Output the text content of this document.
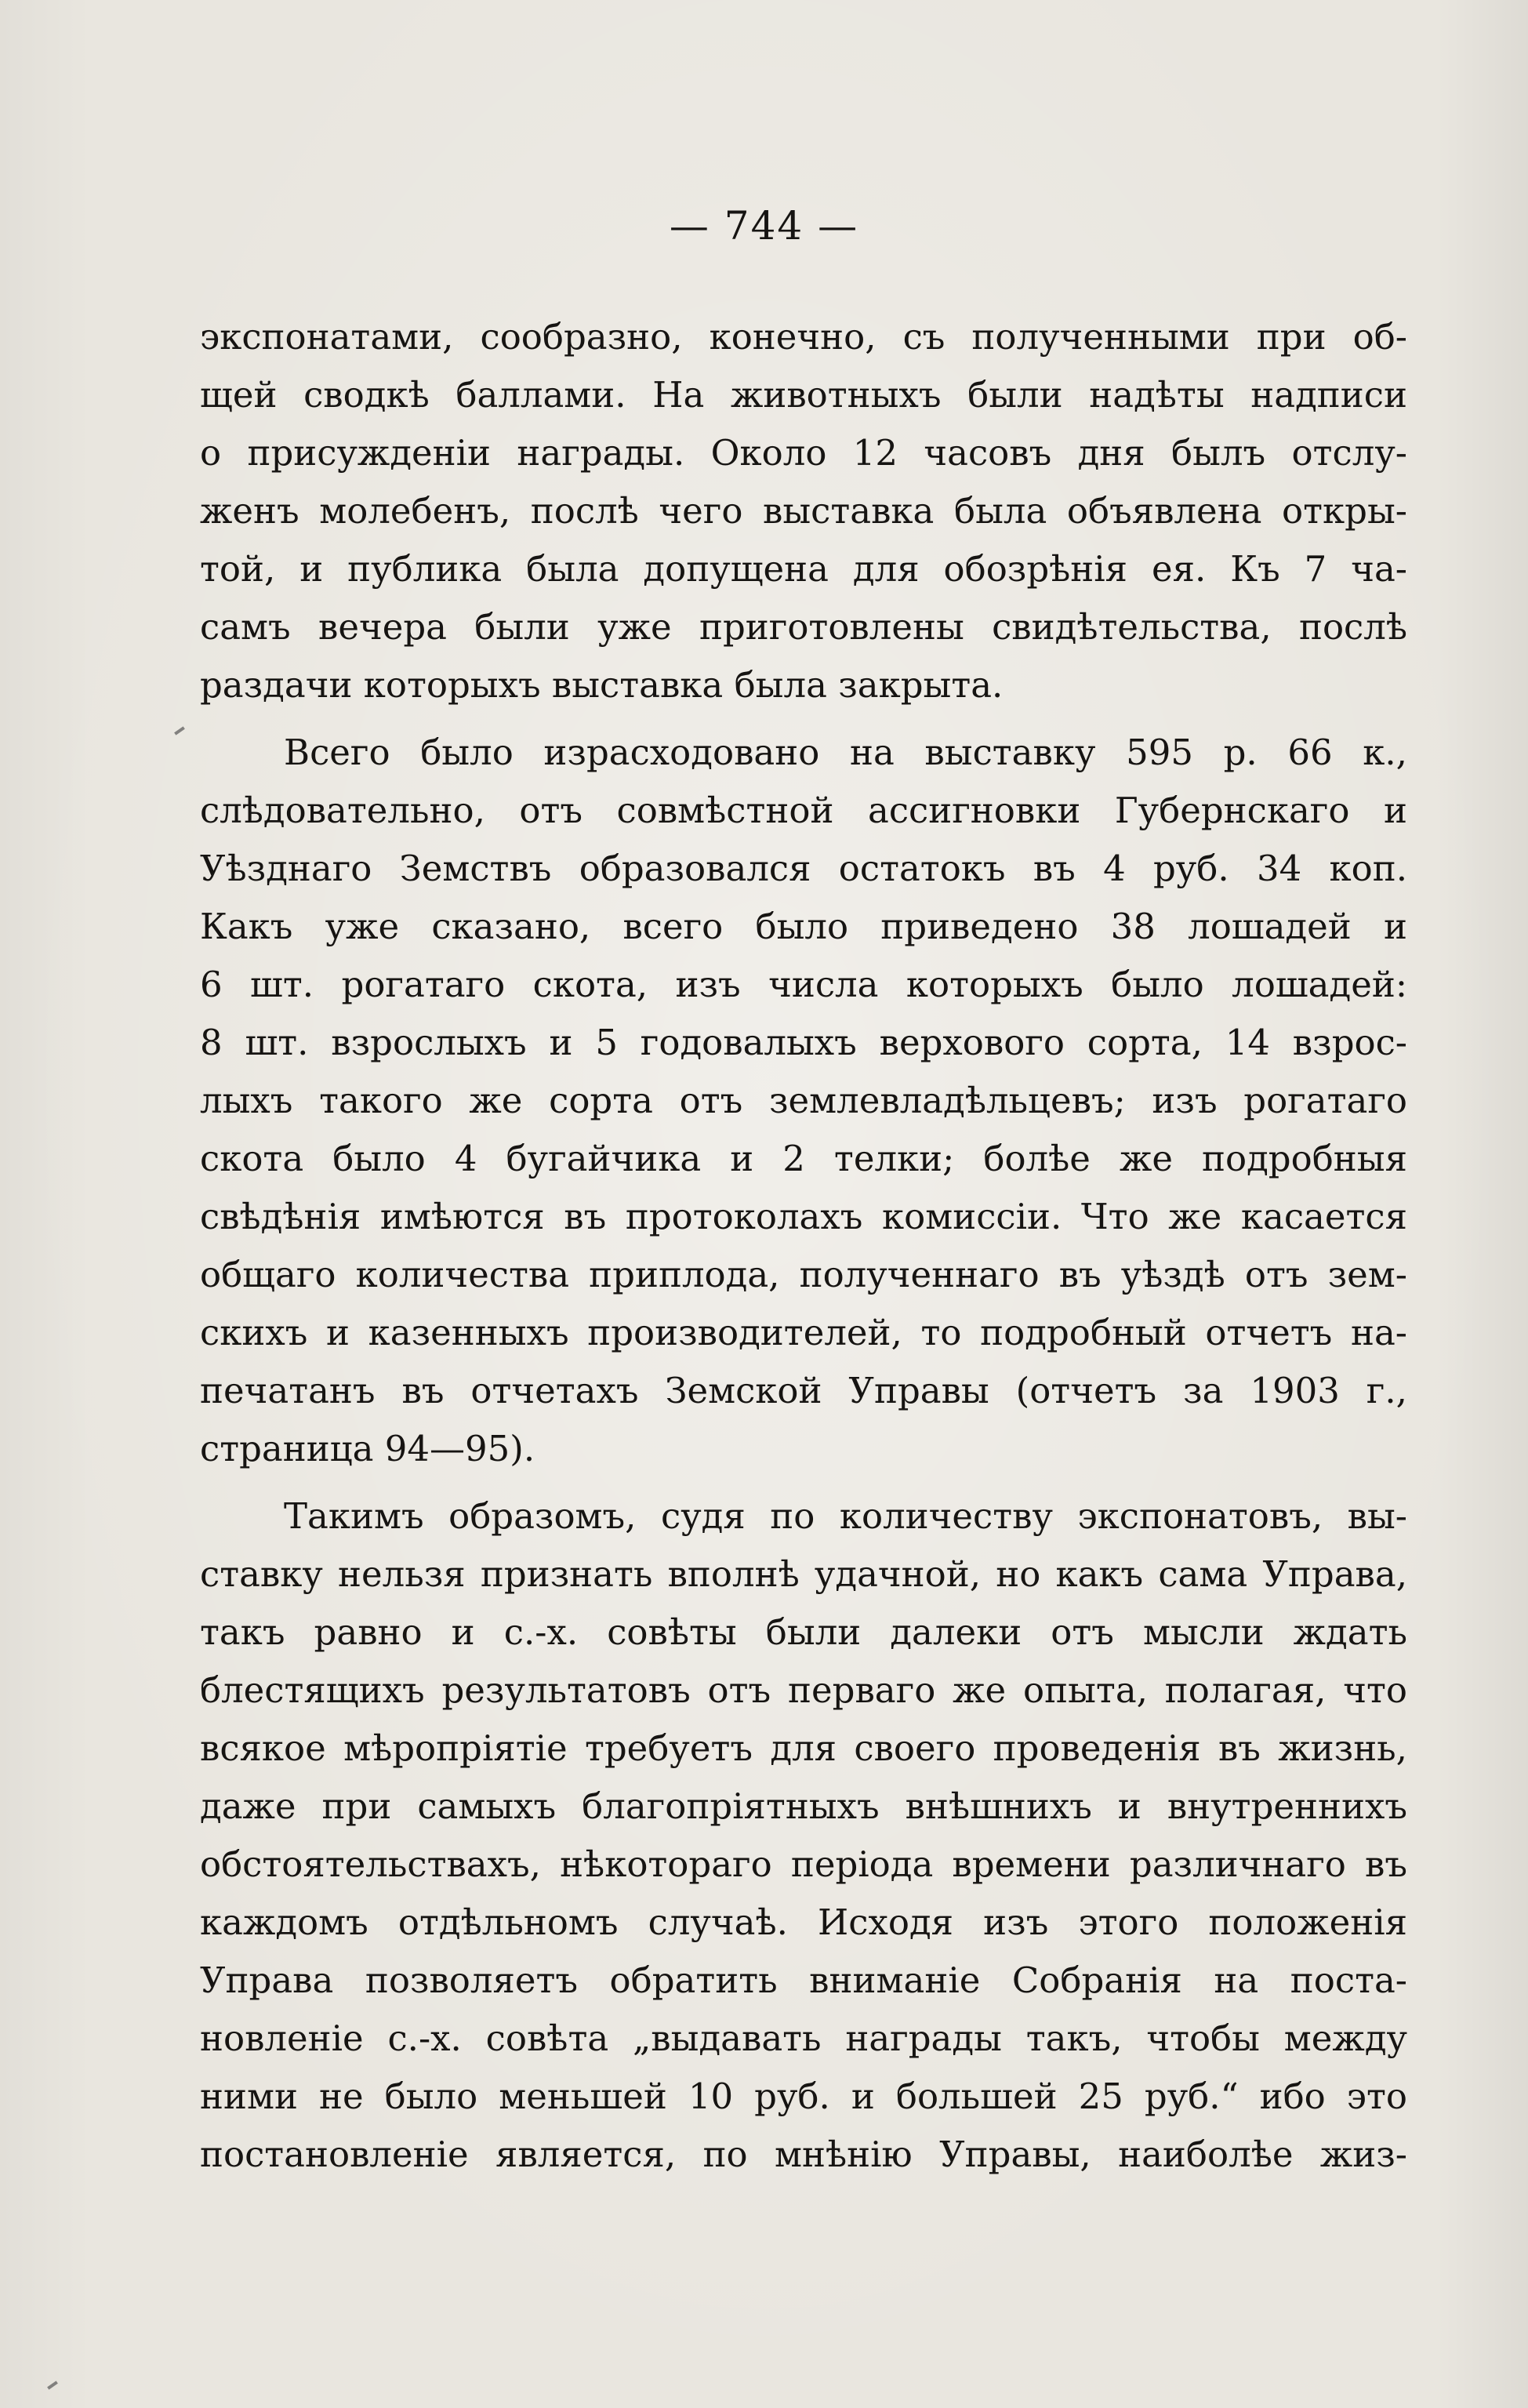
— 744 —
экспонатами, сообразно, конечно, съ полученными при об-
щей сводкѣ баллами. На животныхъ были надѣты надписи
о присужденіи награды. Около 12 часовъ дня былъ отслу-
женъ молебенъ, послѣ чего выставка была объявлена откры-
той, и публика была допущена для обозрѣнія ея. Къ 7 ча-
самъ вечера были уже приготовлены свидѣтельства, послѣ
раздачи которыхъ выставка была закрыта.
Всего было израсходовано на выставку 595 р. 66 к.,
слѣдовательно, отъ совмѣстной ассигновки Губернскаго и
Уѣзднаго Земствъ образовался остатокъ въ 4 руб. 34 коп.
Какъ уже сказано, всего было приведено 38 лошадей и
6 шт. рогатаго скота, изъ числа которыхъ было лошадей:
8 шт. взрослыхъ и 5 годовалыхъ верхового сорта, 14 взрос-
лыхъ такого же сорта отъ землевладѣльцевъ; изъ рогатаго
скота было 4 бугайчика и 2 телки; болѣе же подробныя
свѣдѣнія имѣются въ протоколахъ комиссіи. Что же касается
общаго количества приплода, полученнаго въ уѣздѣ отъ зем-
скихъ и казенныхъ производителей, то подробный отчетъ на-
печатанъ въ отчетахъ Земской Управы (отчетъ за 1903 г.,
страница 94—95).
Такимъ образомъ, судя по количеству экспонатовъ, вы-
ставку нельзя признать вполнѣ удачной, но какъ сама Управа,
такъ равно и с.-х. совѣты были далеки отъ мысли ждать
блестящихъ результатовъ отъ перваго же опыта, полагая, что
всякое мѣропріятіе требуетъ для своего проведенія въ жизнь,
даже при самыхъ благопріятныхъ внѣшнихъ и внутреннихъ
обстоятельствахъ, нѣкотораго періода времени различнаго въ
каждомъ отдѣльномъ случаѣ. Исходя изъ этого положенія
Управа позволяетъ обратить вниманіе Собранія на поста-
новленіе с.-х. совѣта „выдавать награды такъ, чтобы между
ними не было меньшей 10 руб. и большей 25 руб.“ ибо это
постановленіе является, по мнѣнію Управы, наиболѣе жиз-
